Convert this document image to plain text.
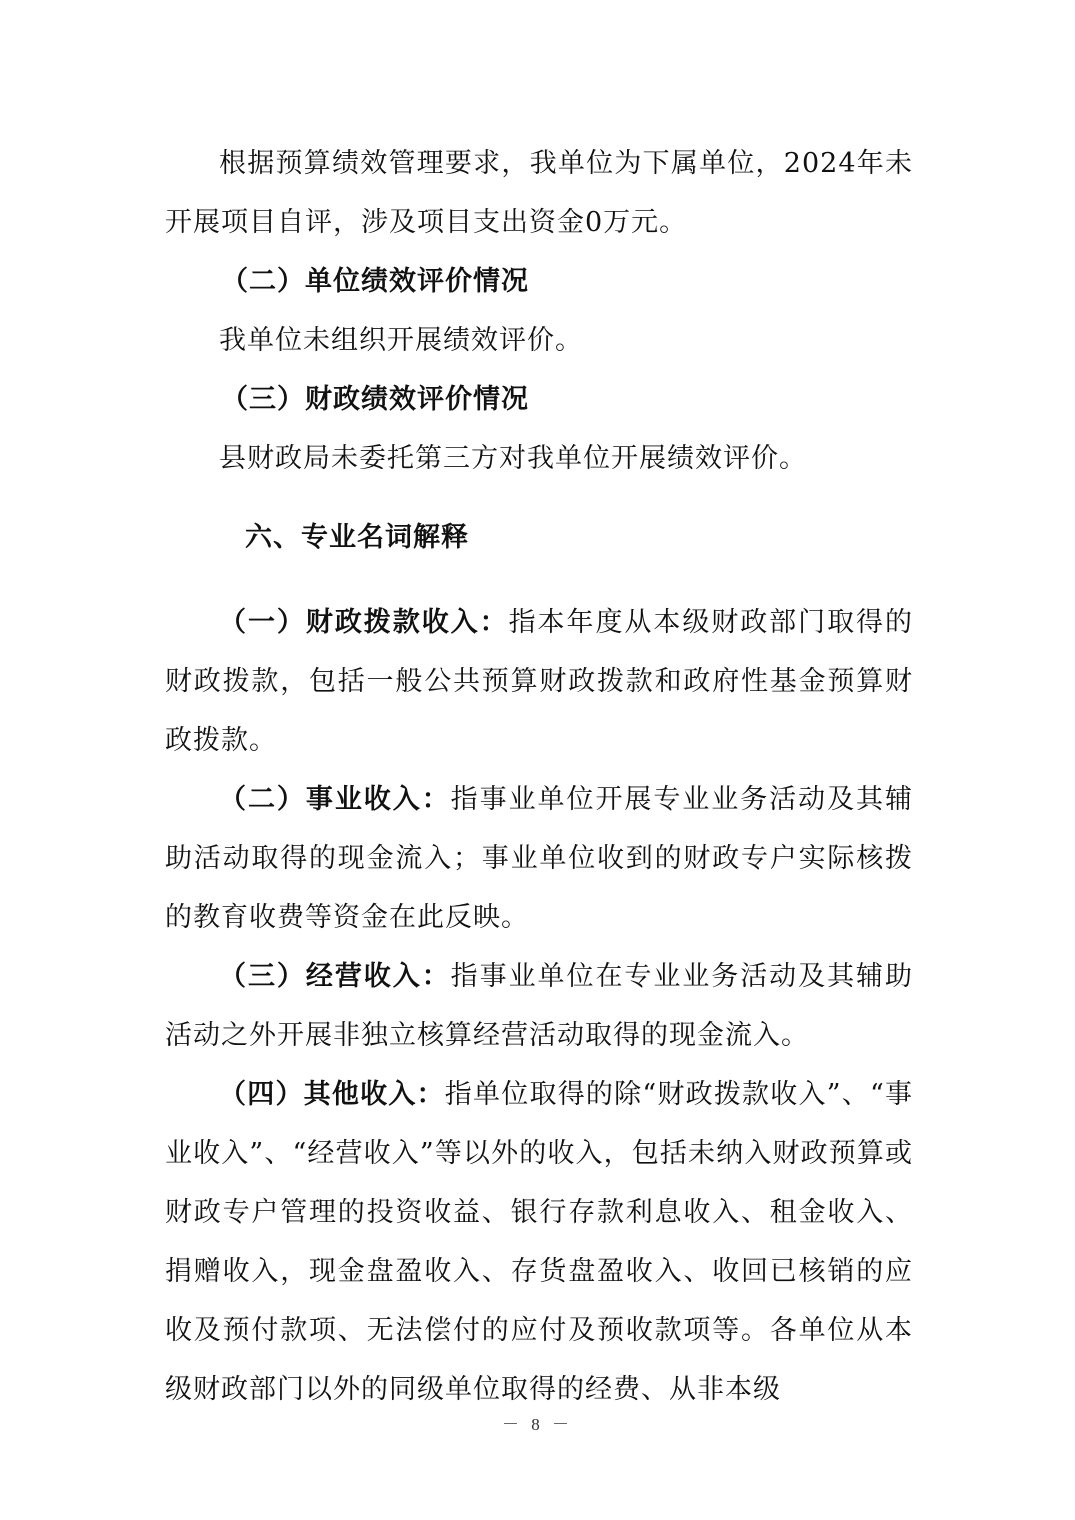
根据预算绩效管理要求，我单位为下属单位，2024年未开展项目自评，涉及项目支出资金0万元。

（二）单位绩效评价情况

我单位未组织开展绩效评价。

（三）财政绩效评价情况

县财政局未委托第三方对我单位开展绩效评价。

六、专业名词解释

（一）财政拨款收入：指本年度从本级财政部门取得的财政拨款，包括一般公共预算财政拨款和政府性基金预算财政拨款。

（二）事业收入：指事业单位开展专业业务活动及其辅助活动取得的现金流入；事业单位收到的财政专户实际核拨的教育收费等资金在此反映。

（三）经营收入：指事业单位在专业业务活动及其辅助活动之外开展非独立核算经营活动取得的现金流入。

（四）其他收入：指单位取得的除“财政拨款收入”、“事业收入”、“经营收入”等以外的收入，包括未纳入财政预算或财政专户管理的投资收益、银行存款利息收入、租金收入、捐赠收入，现金盘盈收入、存货盘盈收入、收回已核销的应收及预付款项、无法偿付的应付及预收款项等。各单位从本级财政部门以外的同级单位取得的经费、从非本级

－ 8 －
